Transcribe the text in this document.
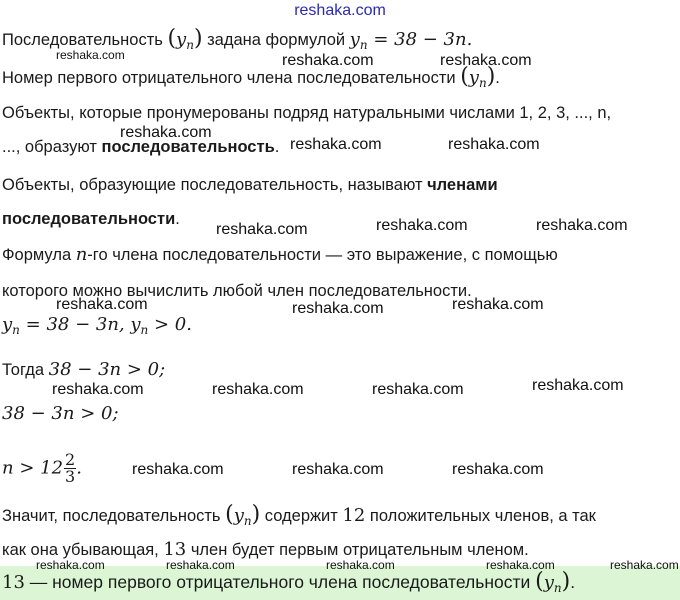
reshaka.com
Последовательность $(y_n)$ задана формулой $y_n = 38 - 3n$.
Номер первого отрицательного члена последовательности $(y_n)$.
Объекты, которые пронумерованы подряд натуральными числами 1, 2, 3, ..., n,
..., образуют последовательность.
Объекты, образующие последовательность, называют членами
последовательности.
Формула n-го члена последовательности — это выражение, с помощью
которого можно вычислить любой член последовательности.
$y_n = 38 - 3n$, $y_n > 0$.
Тогда 38 − 3n > 0;
38 − 3n > 0;
$n > 12 \frac{2}{3}$ .
Значит, последовательность $(y_n)$ содержит 12 положительных членов, а так
как она убывающая, 13 член будет первым отрицательным членом.
13 — номер первого отрицательного члена последовательности $(y_n)$.
reshaka.com	reshaka.com	reshaka.com
reshaka.com
reshaka.com	reshaka.com
reshaka.com	reshaka.com	reshaka.com
reshaka.com	reshaka.com	reshaka.com
reshaka.com	reshaka.com	reshaka.com	reshaka.com
reshaka.com	reshaka.com	reshaka.com
reshaka.com	reshaka.com	reshaka.com	reshaka.com	reshaka.com
